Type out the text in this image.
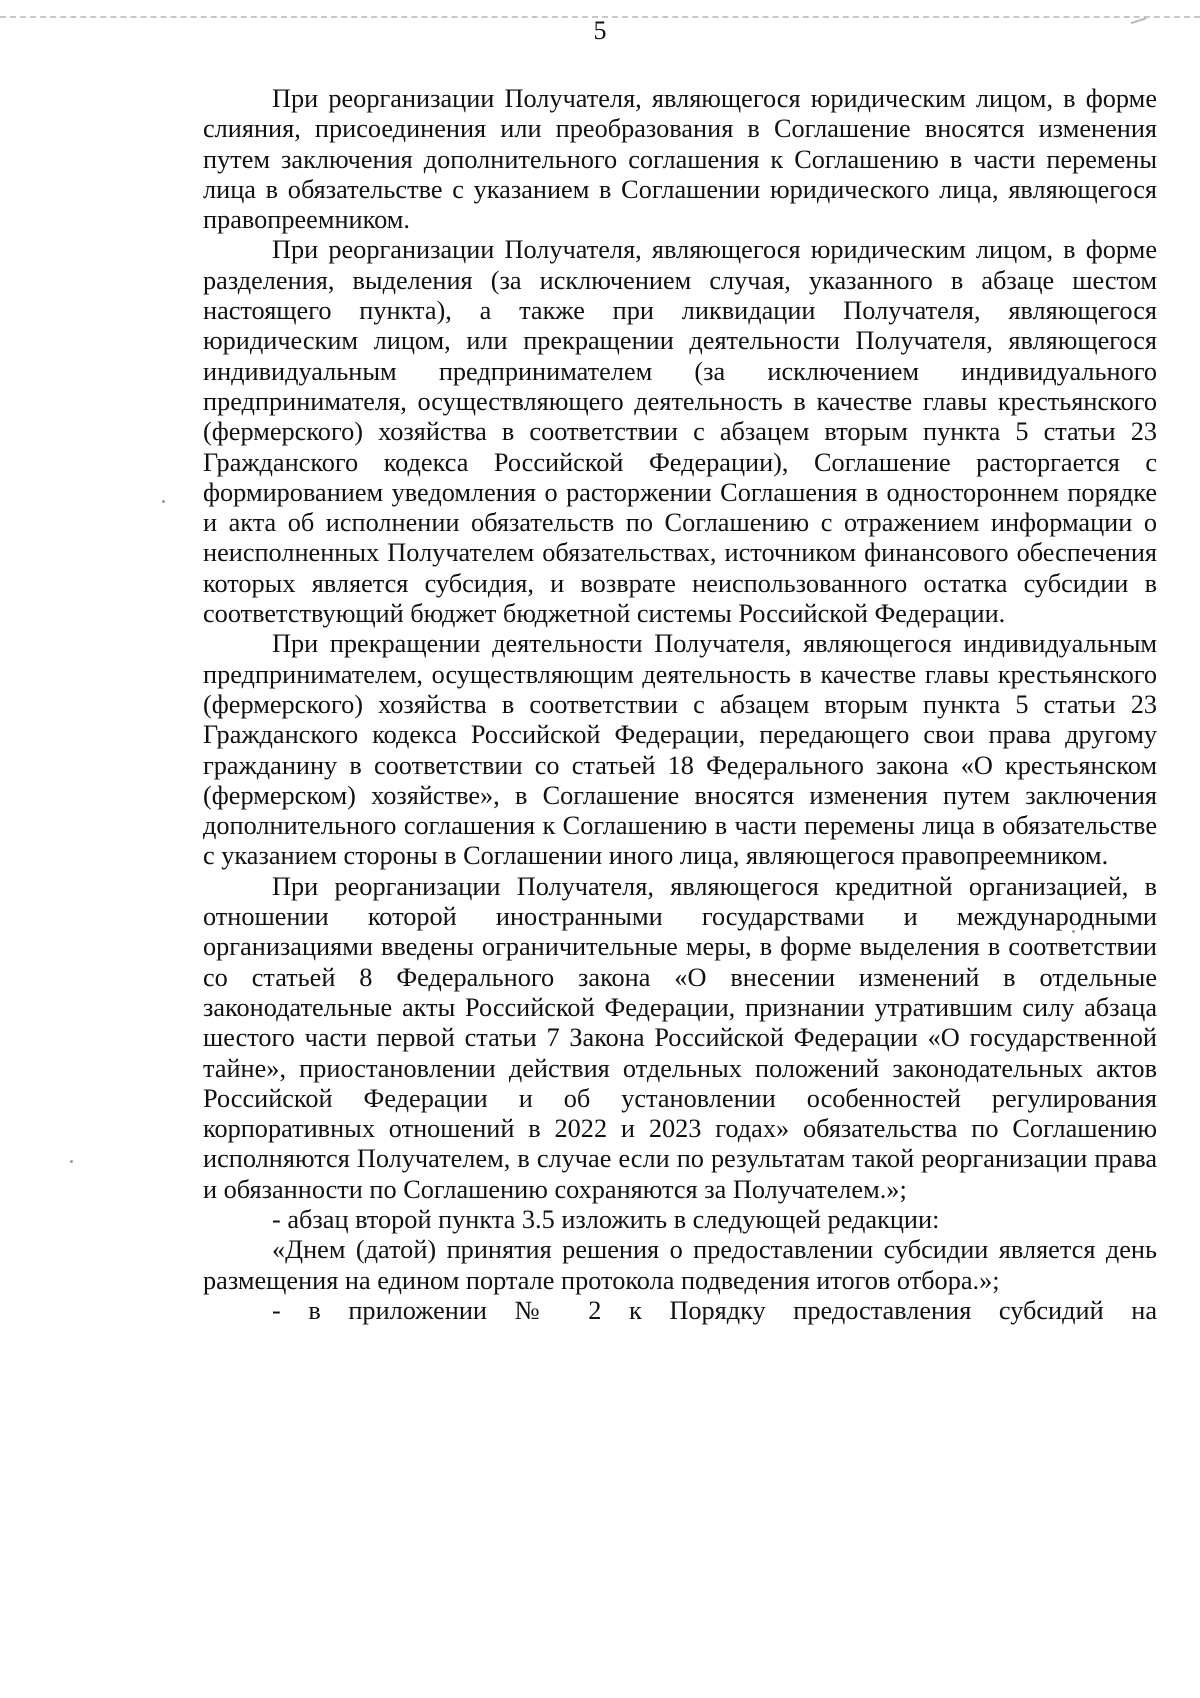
5

При реорганизации Получателя, являющегося юридическим лицом, в форме слияния, присоединения или преобразования в Соглашение вносятся изменения путем заключения дополнительного соглашения к Соглашению в части перемены лица в обязательстве с указанием в Соглашении юридического лица, являющегося правопреемником.

При реорганизации Получателя, являющегося юридическим лицом, в форме разделения, выделения (за исключением случая, указанного в абзаце шестом настоящего пункта), а также при ликвидации Получателя, являющегося юридическим лицом, или прекращении деятельности Получателя, являющегося индивидуальным предпринимателем (за исключением индивидуального предпринимателя, осуществляющего деятельность в качестве главы крестьянского (фермерского) хозяйства в соответствии с абзацем вторым пункта 5 статьи 23 Гражданского кодекса Российской Федерации), Соглашение расторгается с формированием уведомления о расторжении Соглашения в одностороннем порядке и акта об исполнении обязательств по Соглашению с отражением информации о неисполненных Получателем обязательствах, источником финансового обеспечения которых является субсидия, и возврате неиспользованного остатка субсидии в соответствующий бюджет бюджетной системы Российской Федерации.

При прекращении деятельности Получателя, являющегося индивидуальным предпринимателем, осуществляющим деятельность в качестве главы крестьянского (фермерского) хозяйства в соответствии с абзацем вторым пункта 5 статьи 23 Гражданского кодекса Российской Федерации, передающего свои права другому гражданину в соответствии со статьей 18 Федерального закона «О крестьянском (фермерском) хозяйстве», в Соглашение вносятся изменения путем заключения дополнительного соглашения к Соглашению в части перемены лица в обязательстве с указанием стороны в Соглашении иного лица, являющегося правопреемником.

При реорганизации Получателя, являющегося кредитной организацией, в отношении которой иностранными государствами и международными организациями введены ограничительные меры, в форме выделения в соответствии со статьей 8 Федерального закона «О внесении изменений в отдельные законодательные акты Российской Федерации, признании утратившим силу абзаца шестого части первой статьи 7 Закона Российской Федерации «О государственной тайне», приостановлении действия отдельных положений законодательных актов Российской Федерации и об установлении особенностей регулирования корпоративных отношений в 2022 и 2023 годах» обязательства по Соглашению исполняются Получателем, в случае если по результатам такой реорганизации права и обязанности по Соглашению сохраняются за Получателем.»;

- абзац второй пункта 3.5 изложить в следующей редакции:

«Днем (датой) принятия решения о предоставлении субсидии является день размещения на едином портале протокола подведения итогов отбора.»;

- в приложении № 2 к Порядку предоставления субсидий на
